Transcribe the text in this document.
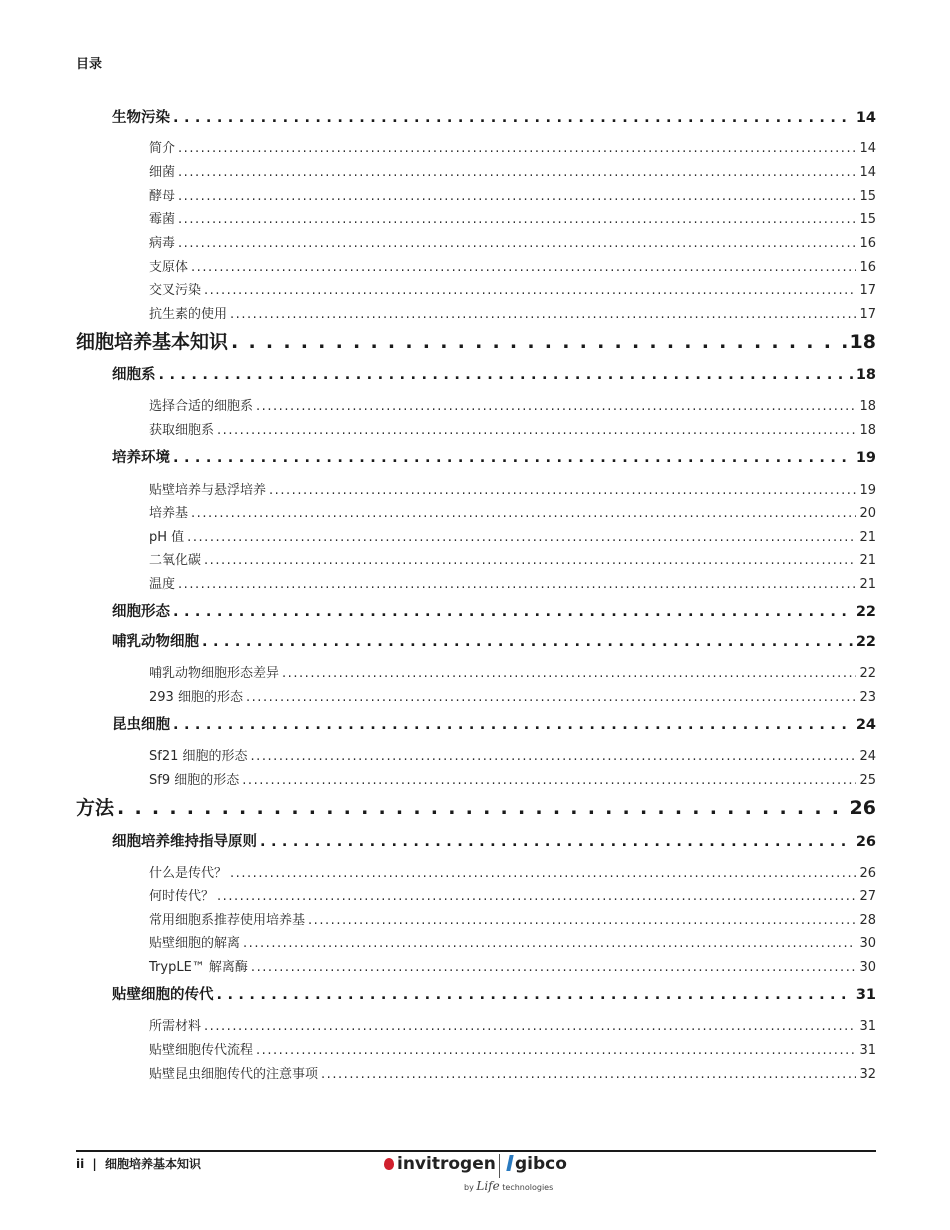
目录
生物污染 . . .	14
简介 . . .	14
细菌 . . .	14
酵母 . . .	15
霉菌 . . .	15
病毒 . . .	16
支原体 . . .	16
交叉污染 . . .	17
抗生素的使用 . . .	17
细胞培养基本知识 . . .	18
细胞系 . . .	18
选择合适的细胞系 . . .	18
获取细胞系 . . .	18
培养环境 . . .	19
贴壁培养与悬浮培养 . . .	19
培养基 . . .	20
pH 值 . . .	21
二氧化碳 . . .	21
温度 . . .	21
细胞形态 . . .	22
哺乳动物细胞 . . .	22
哺乳动物细胞形态差异 . . .	22
293 细胞的形态 . . .	23
昆虫细胞 . . .	24
Sf21 细胞的形态 . . .	24
Sf9 细胞的形态 . . .	25
方法 . . .	26
细胞培养维持指导原则 . . .	26
什么是传代？ . . .	26
何时传代？ . . .	27
常用细胞系推荐使用培养基 . . .	28
贴壁细胞的解离 . . .	30
TrypLE™ 解离酶 . . .	30
贴壁细胞的传代 . . .	31
所需材料 . . .	31
贴壁细胞传代流程 . . .	31
贴壁昆虫细胞传代的注意事项 . . .	32
ii | 细胞培养基本知识	invitrogen	gibco
by Life technologies
